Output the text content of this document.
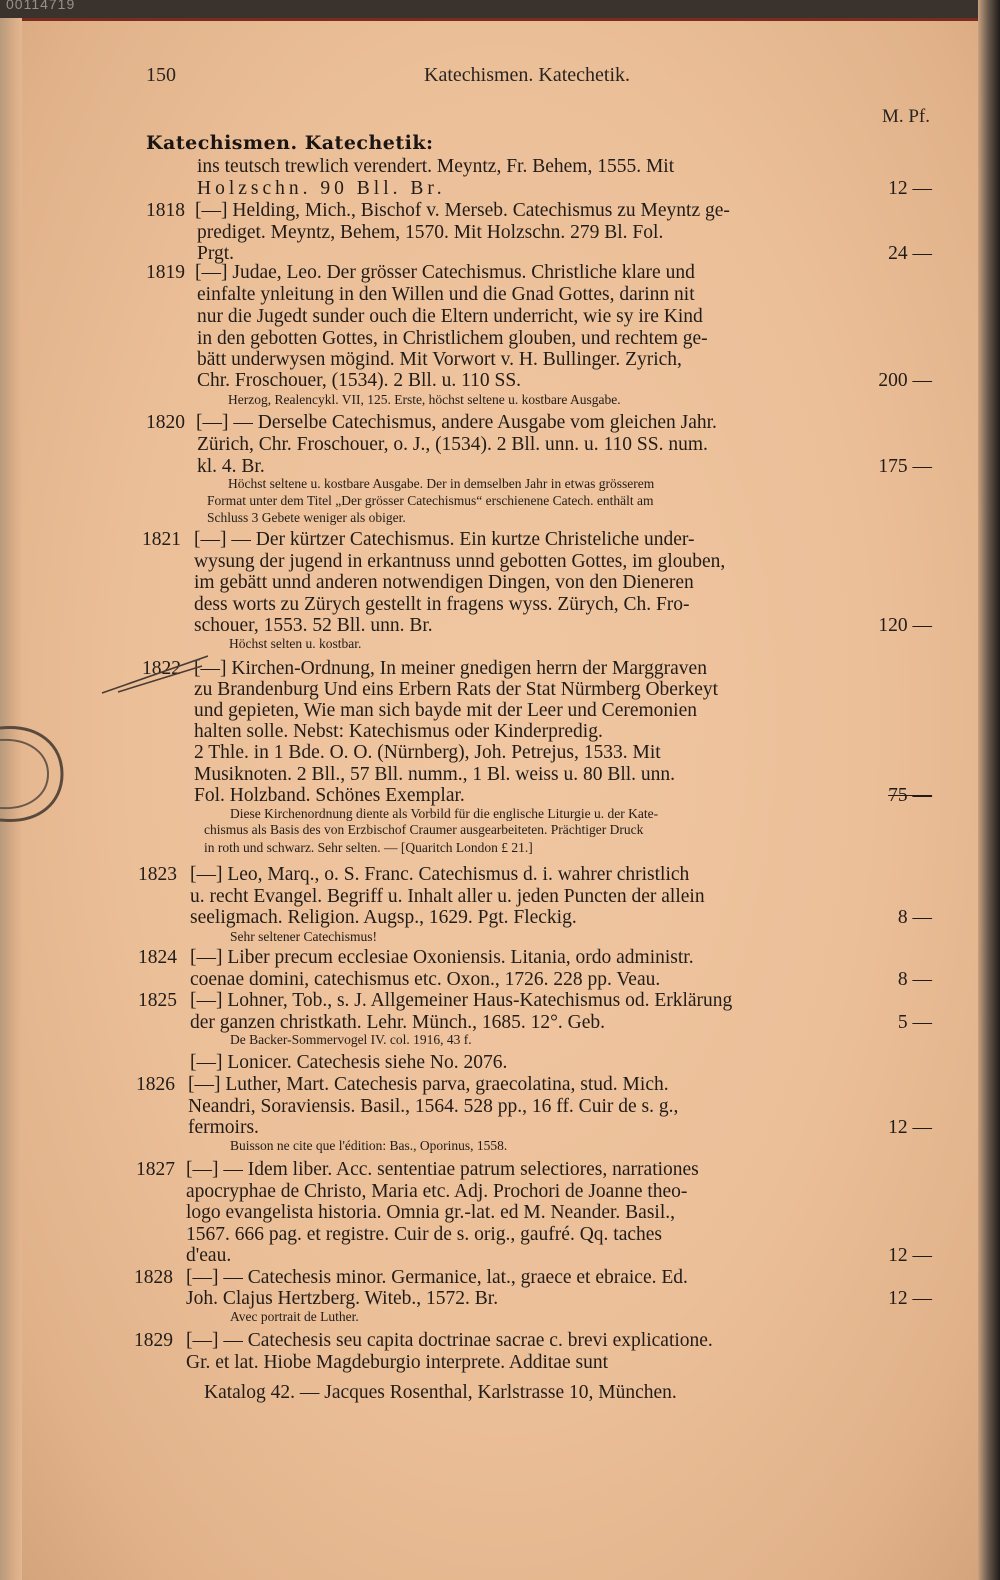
00114719
150	Katechismen. Katechetik.
M. Pf.
Katechismen. Katechetik:
ins teutsch trewlich verendert. Meyntz, Fr. Behem, 1555. Mit
Holzschn. 90 Bll. Br.
[—] Helding, Mich., Bischof v. Merseb. Catechismus zu Meyntz ge-
prediget. Meyntz, Behem, 1570. Mit Holzschn. 279 Bl. Fol.
Prgt.
[—] Judae, Leo. Der grösser Catechismus. Christliche klare und
einfalte ynleitung in den Willen und die Gnad Gottes, darinn nit
nur die Jugedt sunder ouch die Eltern underricht, wie sy ire Kind
in den gebotten Gottes, in Christlichem glouben, und rechtem ge-
bätt underwysen mögind. Mit Vorwort v. H. Bullinger. Zyrich,
Chr. Froschouer, (1534). 2 Bll. u. 110 SS.
Herzog, Realencykl. VII, 125. Erste, höchst seltene u. kostbare Ausgabe.
[—] — Derselbe Catechismus, andere Ausgabe vom gleichen Jahr.
Zürich, Chr. Froschouer, o. J., (1534). 2 Bll. unn. u. 110 SS. num.
kl. 4. Br.
Höchst seltene u. kostbare Ausgabe. Der in demselben Jahr in etwas grösserem
Format unter dem Titel „Der grösser Catechismus“ erschienene Catech. enthält am
Schluss 3 Gebete weniger als obiger.
[—] — Der kürtzer Catechismus. Ein kurtze Christeliche under-
wysung der jugend in erkantnuss unnd gebotten Gottes, im glouben,
im gebätt unnd anderen notwendigen Dingen, von den Dieneren
dess worts zu Zürych gestellt in fragens wyss. Zürych, Ch. Fro-
schouer, 1553. 52 Bll. unn. Br.
Höchst selten u. kostbar.
[—] Kirchen-Ordnung, In meiner gnedigen herrn der Marggraven
zu Brandenburg Und eins Erbern Rats der Stat Nürmberg Oberkeyt
und gepieten, Wie man sich bayde mit der Leer und Ceremonien
halten solle. Nebst: Katechismus oder Kinderpredig.
2 Thle. in 1 Bde. O. O. (Nürnberg), Joh. Petrejus, 1533. Mit
Musiknoten. 2 Bll., 57 Bll. numm., 1 Bl. weiss u. 80 Bll. unn.
Fol. Holzband. Schönes Exemplar.
Diese Kirchenordnung diente als Vorbild für die englische Liturgie u. der Kate-
chismus als Basis des von Erzbischof Craumer ausgearbeiteten. Prächtiger Druck
in roth und schwarz. Sehr selten. — [Quaritch London £ 21.]
[—] Leo, Marq., o. S. Franc. Catechismus d. i. wahrer christlich
u. recht Evangel. Begriff u. Inhalt aller u. jeden Puncten der allein
seeligmach. Religion. Augsp., 1629. Pgt. Fleckig.
Sehr seltener Catechismus!
[—] Liber precum ecclesiae Oxoniensis. Litania, ordo administr.
coenae domini, catechismus etc. Oxon., 1726. 228 pp. Veau.
[—] Lohner, Tob., s. J. Allgemeiner Haus-Katechismus od. Erklärung
der ganzen christkath. Lehr. Münch., 1685. 12°. Geb.
De Backer-Sommervogel IV. col. 1916, 43 f.
[—] Lonicer. Catechesis siehe No. 2076.
[—] Luther, Mart. Catechesis parva, graecolatina, stud. Mich.
Neandri, Soraviensis. Basil., 1564. 528 pp., 16 ff. Cuir de s. g.,
fermoirs.
Buisson ne cite que l'édition: Bas., Oporinus, 1558.
[—] — Idem liber. Acc. sententiae patrum selectiores, narrationes
apocryphae de Christo, Maria etc. Adj. Prochori de Joanne theo-
logo evangelista historia. Omnia gr.-lat. ed M. Neander. Basil.,
1567. 666 pag. et registre. Cuir de s. orig., gaufré. Qq. taches
d'eau.
[—] — Catechesis minor. Germanice, lat., graece et ebraice. Ed.
Joh. Clajus Hertzberg. Witeb., 1572. Br.
Avec portrait de Luther.
[—] — Catechesis seu capita doctrinae sacrae c. brevi explicatione.
Gr. et lat. Hiobe Magdeburgio interprete. Additae sunt
1818
1819
1820
1821
1822
1823
1824
1825
1826
1827
1828
1829
12 —
24 —
200 —
175 —
120 —
75 —
8 —
8 —
5 —
12 —
12 —
12 —
Katalog 42. — Jacques Rosenthal, Karlstrasse 10, München.
